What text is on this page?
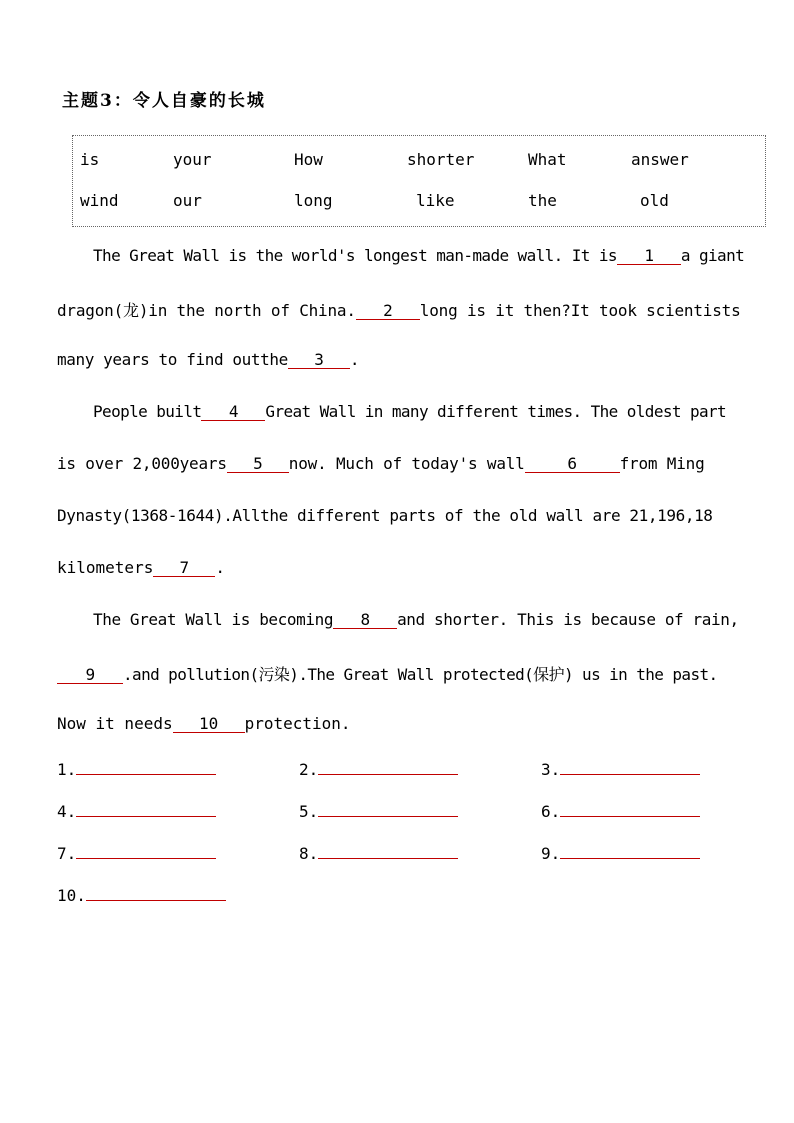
主题3：令人自豪的长城
is	your	How	shorter	What	answer
wind	our	long	like	the	old
The Great Wall is the world's longest man-made wall. It is 1 a giant
dragon(龙)in the north of China. 2 long is it then?It took scientists
many years to find outthe 3 .
People built 4 Great Wall in many different times. The oldest part
is over 2,000years 5 now. Much of today's wall	6	from Ming
Dynasty(1368-1644).Allthe different parts of the old wall are 21,196,18
kilometers 7 .
The Great Wall is becoming 8 and shorter. This is because of rain,
9 .and pollution(污染).The Great Wall protected(保护) us in the past.
Now it needs 10 protection.
1.	2.	3.
4.	5.	6.
7.	8.	9.
10.
